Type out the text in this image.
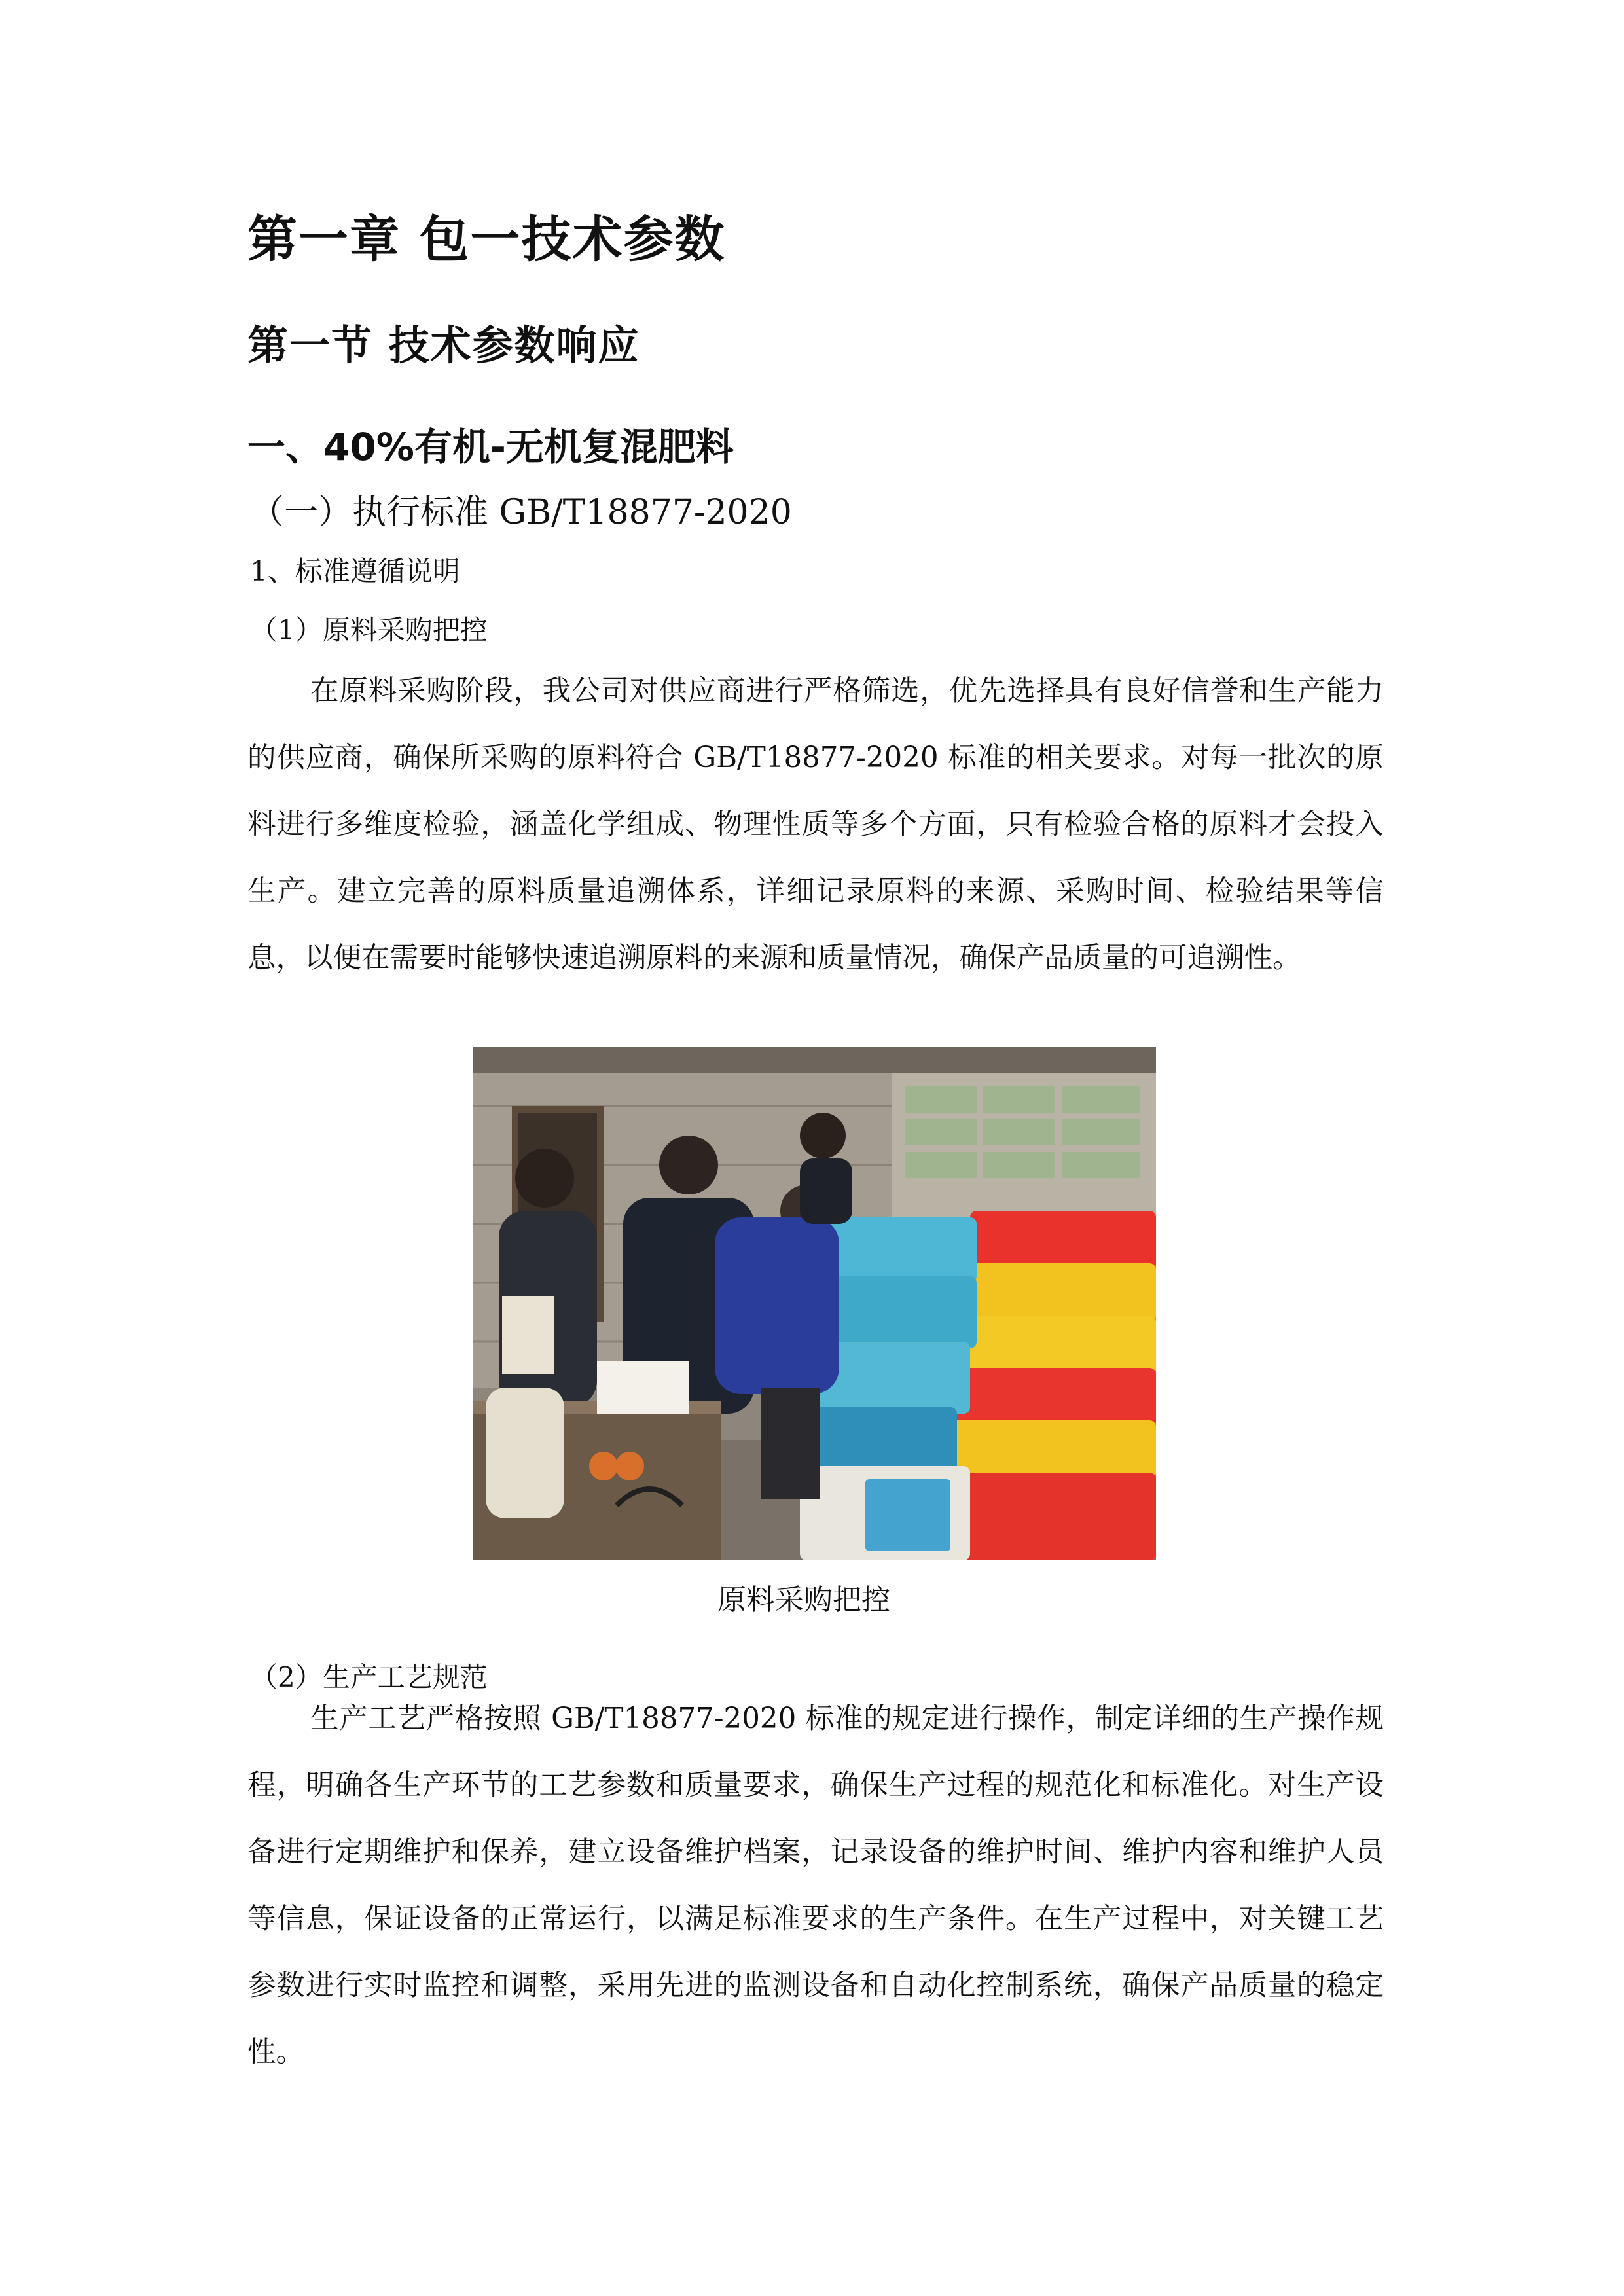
第一章 包一技术参数
第一节 技术参数响应
一、40%有机-无机复混肥料
（一）执行标准 GB/T18877-2020
1、标准遵循说明
（1）原料采购把控

在原料采购阶段，我公司对供应商进行严格筛选，优先选择具有良好信誉和生产能力的供应商，确保所采购的原料符合 GB/T18877-2020 标准的相关要求。对每一批次的原料进行多维度检验，涵盖化学组成、物理性质等多个方面，只有检验合格的原料才会投入生产。建立完善的原料质量追溯体系，详细记录原料的来源、采购时间、检验结果等信息，以便在需要时能够快速追溯原料的来源和质量情况，确保产品质量的可追溯性。

原料采购把控
（2）生产工艺规范

生产工艺严格按照 GB/T18877-2020 标准的规定进行操作，制定详细的生产操作规程，明确各生产环节的工艺参数和质量要求，确保生产过程的规范化和标准化。对生产设备进行定期维护和保养，建立设备维护档案，记录设备的维护时间、维护内容和维护人员等信息，保证设备的正常运行，以满足标准要求的生产条件。在生产过程中，对关键工艺参数进行实时监控和调整，采用先进的监测设备和自动化控制系统，确保产品质量的稳定性。
